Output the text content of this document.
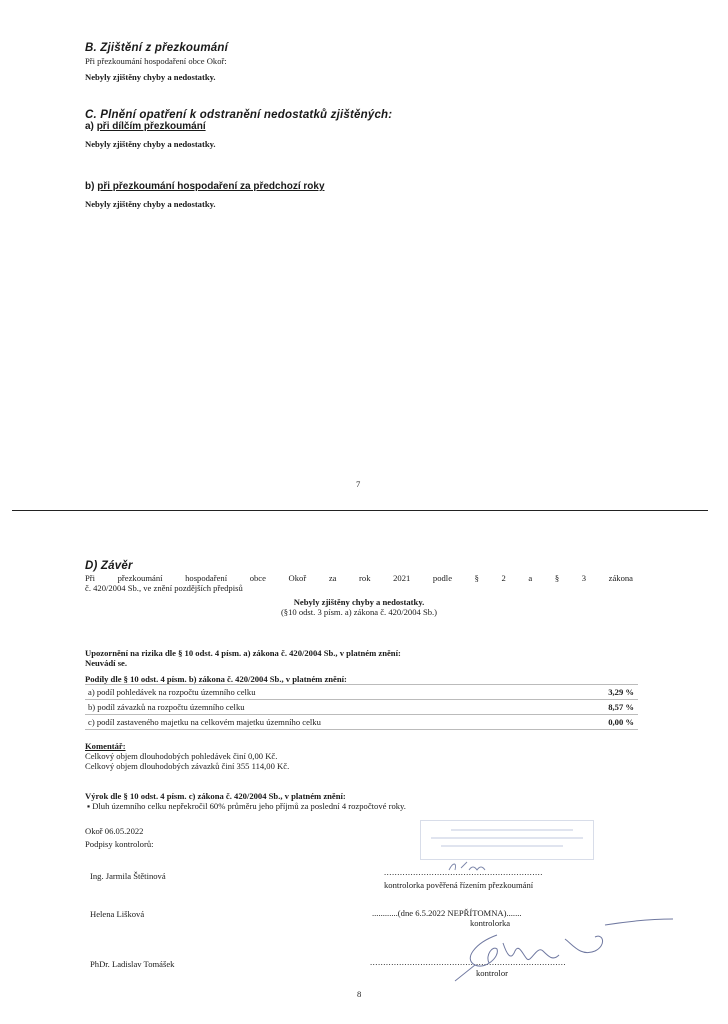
B. Zjištění z přezkoumání
Při přezkoumání hospodaření obce Okoř:
Nebyly zjištěny chyby a nedostatky.
C. Plnění opatření k odstranění nedostatků zjištěných:
a) při dílčím přezkoumání
Nebyly zjištěny chyby a nedostatky.
b) při přezkoumání hospodaření za předchozí roky
Nebyly zjištěny chyby a nedostatky.
7
D) Závěr
Při přezkoumání hospodaření obce Okoř za rok 2021 podle § 2 a § 3 zákona
č. 420/2004 Sb., ve znění pozdějších předpisů
Nebyly zjištěny chyby a nedostatky.
(§10 odst. 3 písm. a) zákona č. 420/2004 Sb.)
Upozornění na rizika dle § 10 odst. 4 písm. a) zákona č. 420/2004 Sb., v platném znění:
Neuvádí se.
Podíly dle § 10 odst. 4 písm. b) zákona č. 420/2004 Sb., v platném znění:
a) podíl pohledávek na rozpočtu územního celku	3,29 %
b) podíl závazků na rozpočtu územního celku	8,57 %
c) podíl zastaveného majetku na celkovém majetku územního celku	0,00 %
Komentář:
Celkový objem dlouhodobých pohledávek činí 0,00 Kč.
Celkový objem dlouhodobých závazků činí 355 114,00 Kč.
Výrok dle § 10 odst. 4 písm. c) zákona č. 420/2004 Sb., v platném znění:
▪ Dluh územního celku nepřekročil 60% průměru jeho příjmů za poslední 4 rozpočtové roky.
Okoř 06.05.2022
Podpisy kontrolorů:
Ing. Jarmila Štětinová	............................................................
kontrolorka pověřená řízením přezkoumání
Helena Lišková	............(dne 6.5.2022 NEPŘÍTOMNA).......
kontrolorka
PhDr. Ladislav Tomášek	..........................................................................
kontrolor
8
